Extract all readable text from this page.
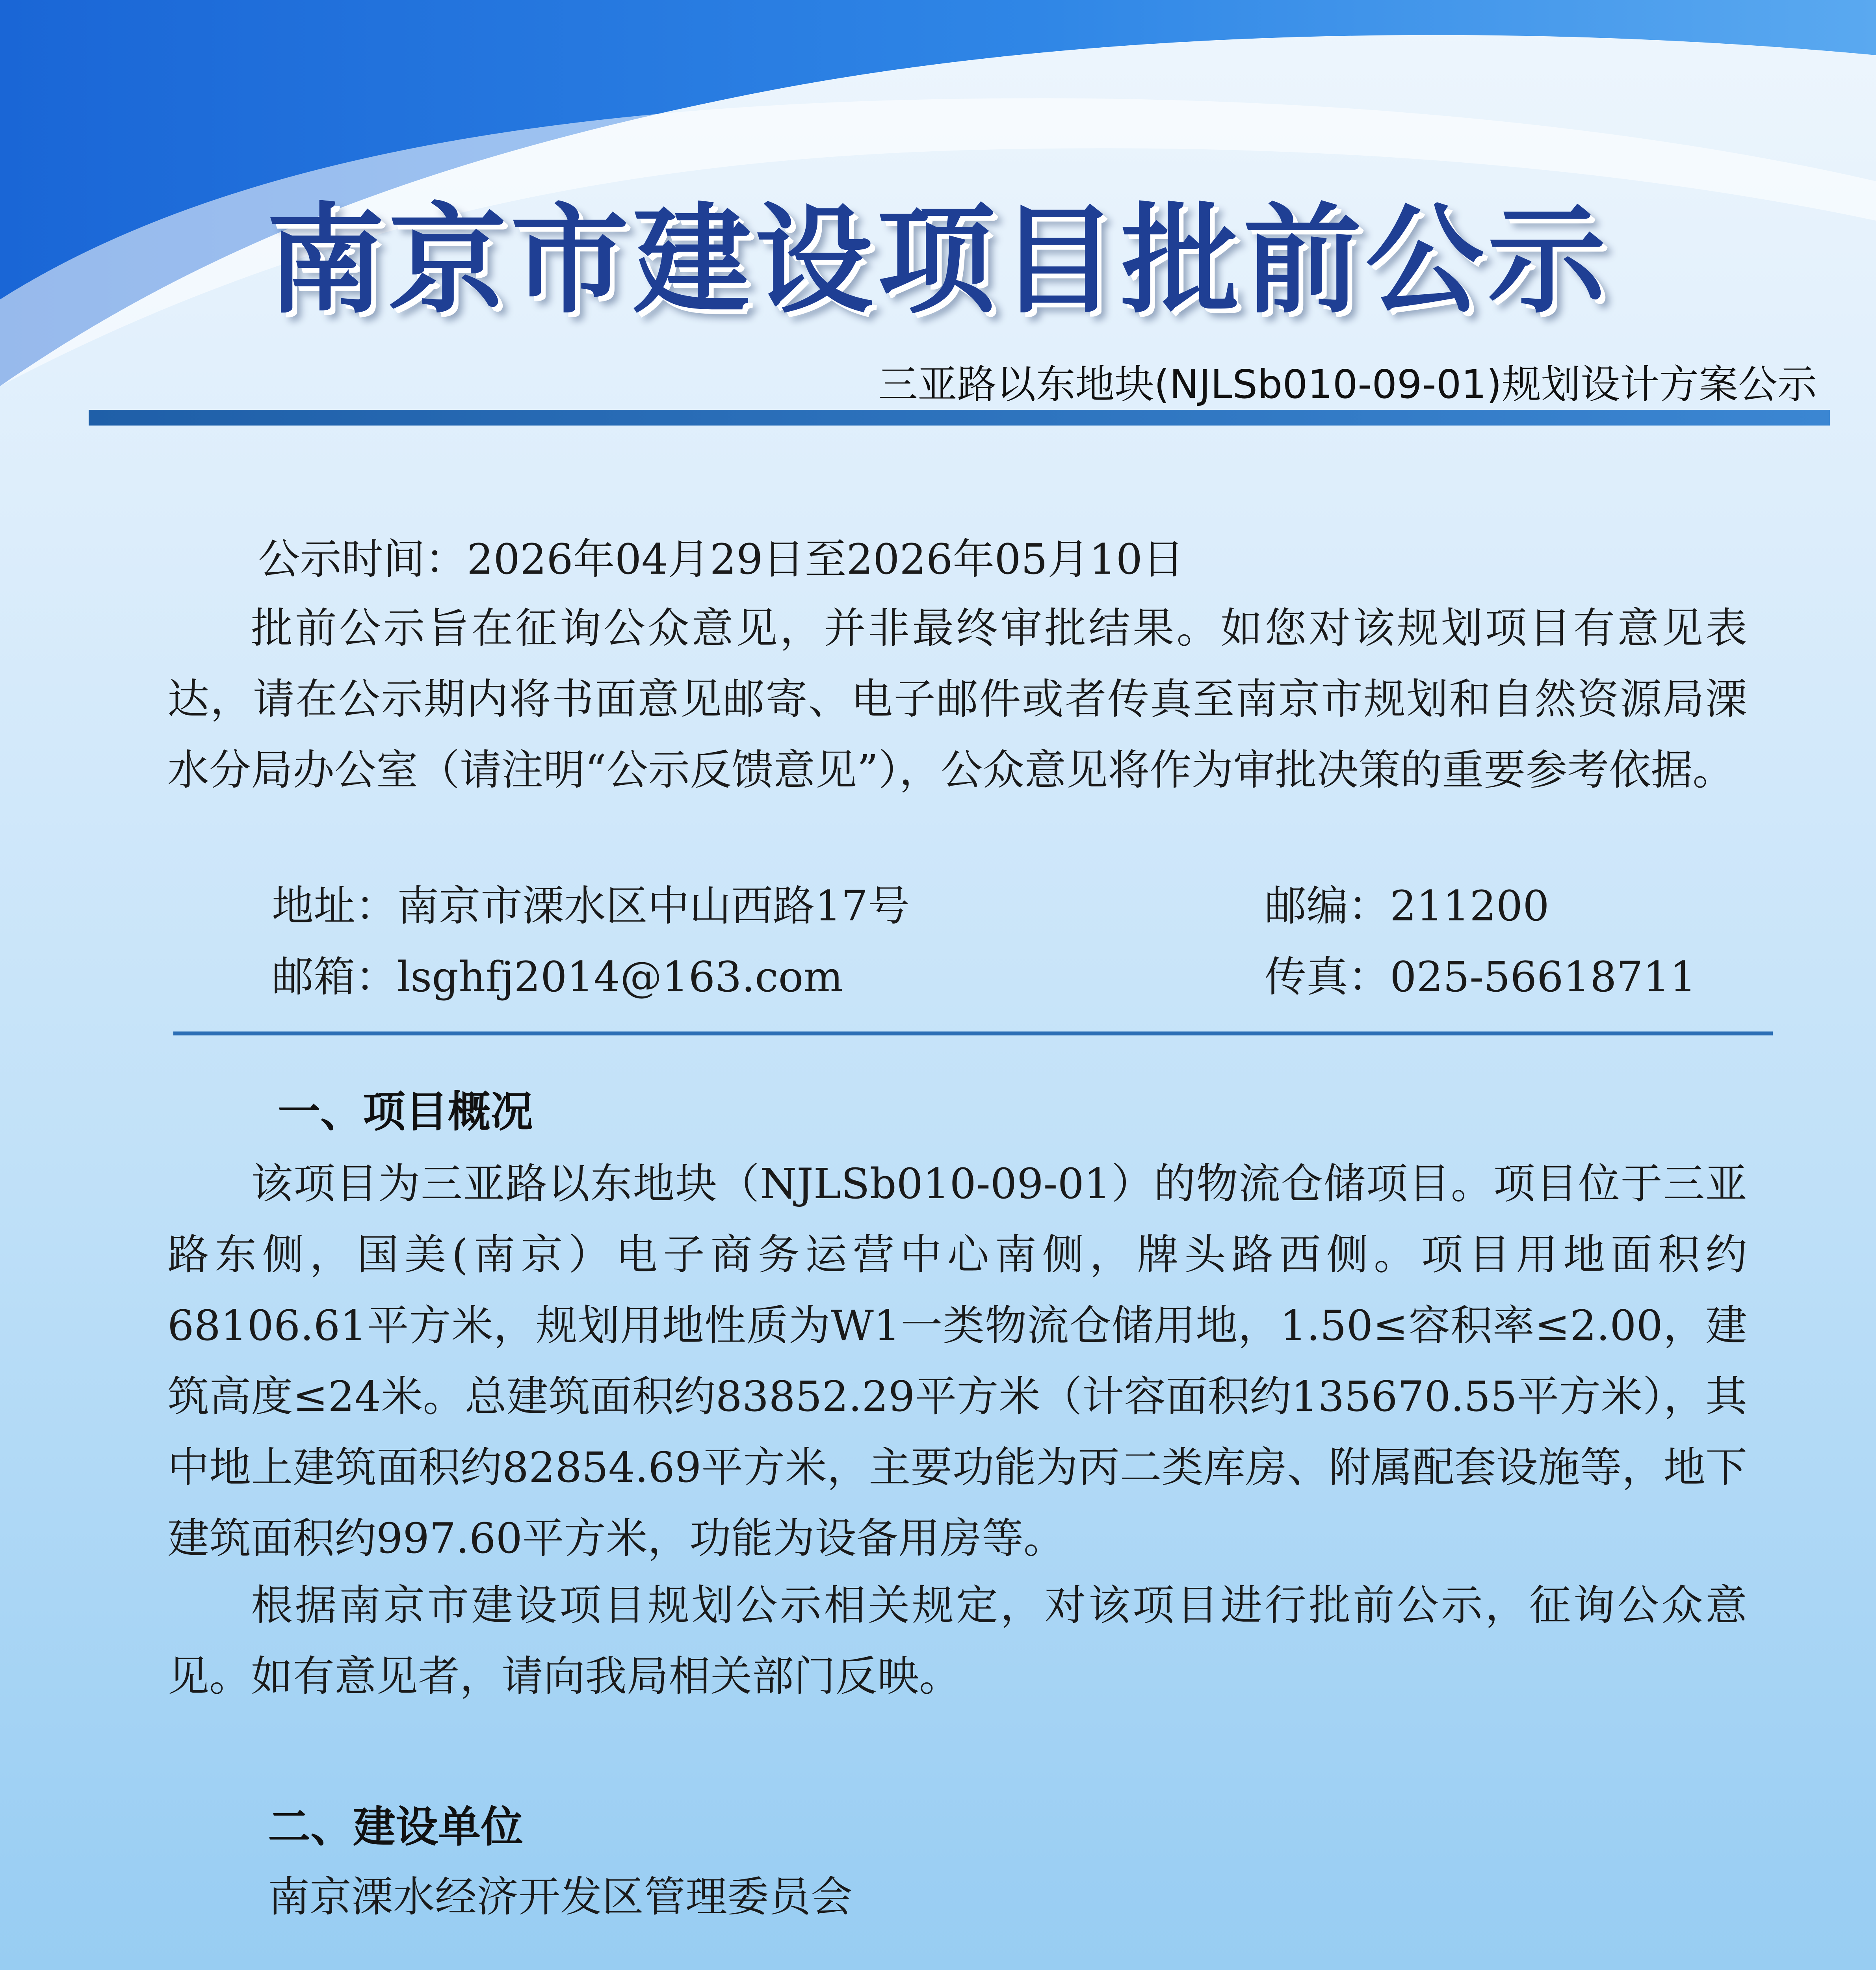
南京市建设项目批前公示
三亚路以东地块(NJLSb010-09-01)规划设计方案公示
公示时间：2026年04月29日至2026年05月10日
批前公示旨在征询公众意见，并非最终审批结果。如您对该规划项目有意见表达，请在公示期内将书面意见邮寄、电子邮件或者传真至南京市规划和自然资源局溧水分局办公室（请注明“公示反馈意见”），公众意见将作为审批决策的重要参考依据。
地址：南京市溧水区中山西路17号	邮编：211200
邮箱：lsghfj2014@163.com	传真：025-56618711
一、项目概况
该项目为三亚路以东地块（NJLSb010-09-01）的物流仓储项目。项目位于三亚路东侧，国美(南京）电子商务运营中心南侧，牌头路西侧。项目用地面积约68106.61平方米，规划用地性质为W1一类物流仓储用地，1.50≤容积率≤2.00，建筑高度≤24米。总建筑面积约83852.29平方米（计容面积约135670.55平方米），其中地上建筑面积约82854.69平方米，主要功能为丙二类库房、附属配套设施等，地下建筑面积约997.60平方米，功能为设备用房等。
根据南京市建设项目规划公示相关规定，对该项目进行批前公示，征询公众意见。如有意见者，请向我局相关部门反映。
二、建设单位
南京溧水经济开发区管理委员会
